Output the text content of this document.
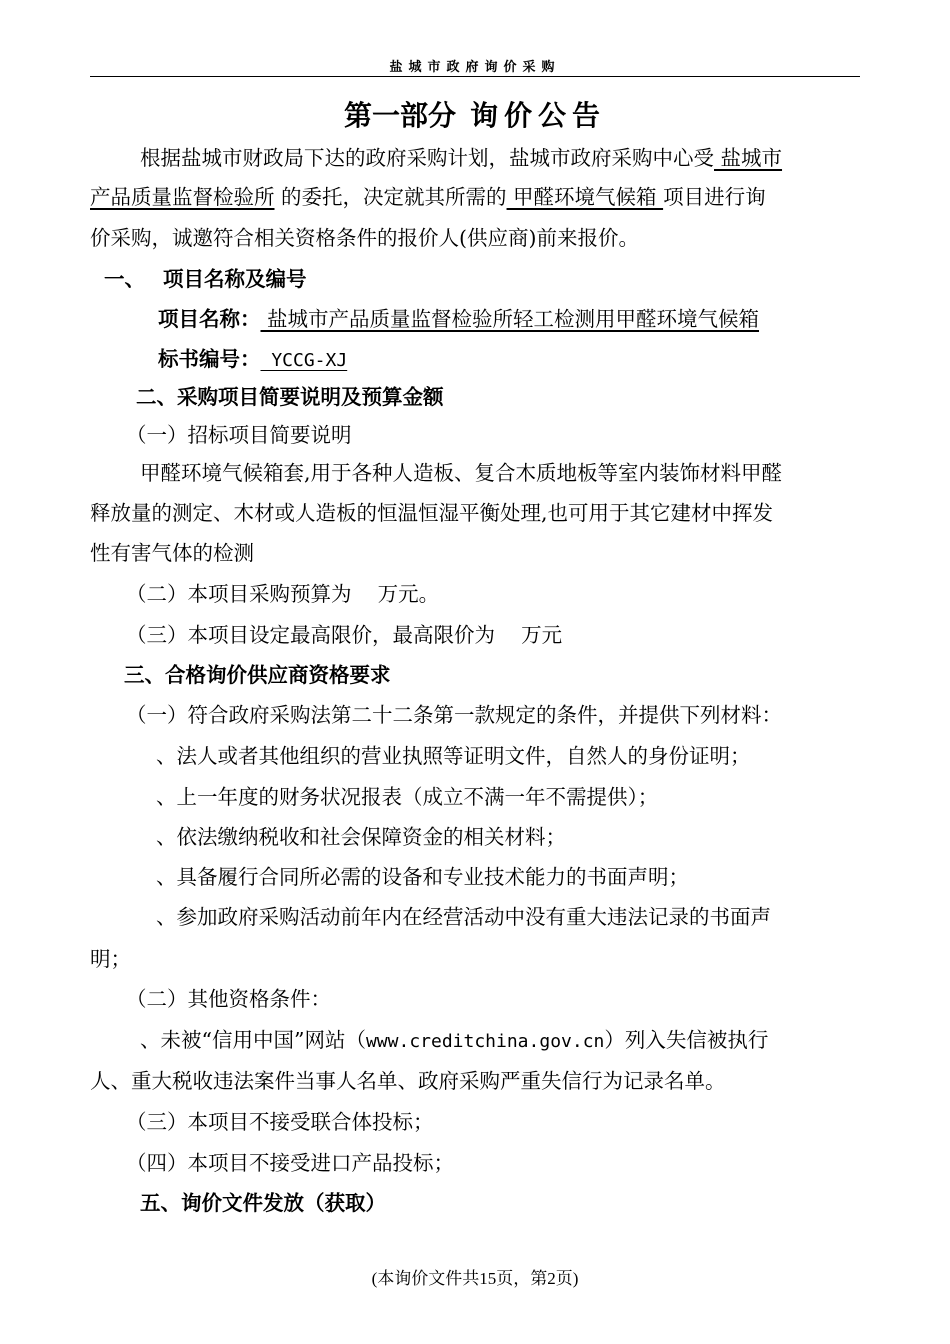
盐城市政府询价采购
第一部分 询价公告
根据盐城市财政局下达的政府采购计划，盐城市政府采购中心受 盐城市
产品质量监督检验所 的委托，决定就其所需的 甲醛环境气候箱 项目进行询
价采购，诚邀符合相关资格条件的报价人(供应商)前来报价。
一、 项目名称及编号
项目名称： 盐城市产品质量监督检验所轻工检测用甲醛环境气候箱
标书编号： YCCG-XJ
二、采购项目简要说明及预算金额
（一）招标项目简要说明
甲醛环境气候箱套,用于各种人造板、复合木质地板等室内装饰材料甲醛
释放量的测定、木材或人造板的恒温恒湿平衡处理,也可用于其它建材中挥发
性有害气体的检测
（二）本项目采购预算为    万元。
（三）本项目设定最高限价，最高限价为    万元
三、合格询价供应商资格要求
（一）符合政府采购法第二十二条第一款规定的条件，并提供下列材料：
、法人或者其他组织的营业执照等证明文件，自然人的身份证明；
、上一年度的财务状况报表（成立不满一年不需提供）；
、依法缴纳税收和社会保障资金的相关材料；
、具备履行合同所必需的设备和专业技术能力的书面声明；
、参加政府采购活动前年内在经营活动中没有重大违法记录的书面声
明；
（二）其他资格条件：
、未被“信用中国”网站（www.creditchina.gov.cn）列入失信被执行
人、重大税收违法案件当事人名单、政府采购严重失信行为记录名单。
（三）本项目不接受联合体投标；
（四）本项目不接受进口产品投标；
五、询价文件发放（获取）
(本询价文件共15页，第2页)
